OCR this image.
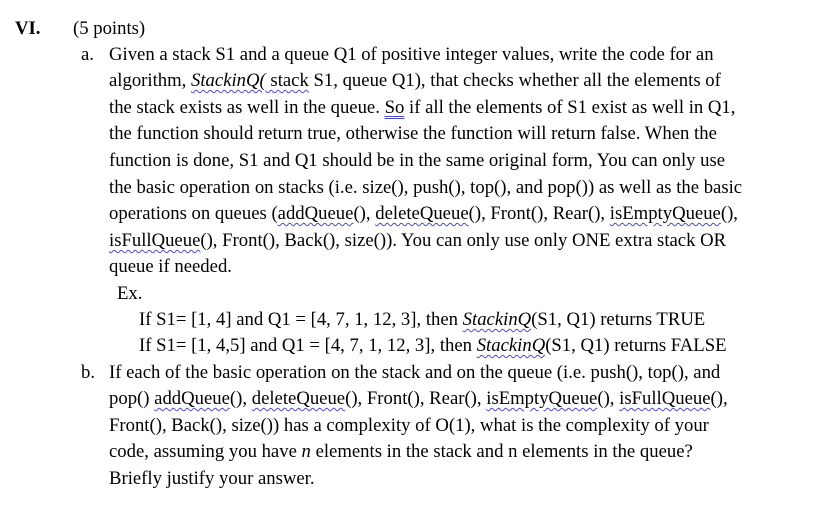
VI. (5 points)
a. Given a stack S1 and a queue Q1 of positive integer values, write the code for an
algorithm, StackinQ( stack S1, queue Q1), that checks whether all the elements of
the stack exists as well in the queue. So if all the elements of S1 exist as well in Q1,
the function should return true, otherwise the function will return false. When the
function is done, S1 and Q1 should be in the same original form, You can only use
the basic operation on stacks (i.e. size(), push(), top(), and pop()) as well as the basic
operations on queues (addQueue(), deleteQueue(), Front(), Rear(), isEmptyQueue(),
isFullQueue(), Front(), Back(), size()). You can only use only ONE extra stack OR
queue if needed.
Ex.
If S1= [1, 4] and Q1 = [4, 7, 1, 12, 3], then StackinQ(S1, Q1) returns TRUE
If S1= [1, 4,5] and Q1 = [4, 7, 1, 12, 3], then StackinQ(S1, Q1) returns FALSE
b. If each of the basic operation on the stack and on the queue (i.e. push(), top(), and
pop() addQueue(), deleteQueue(), Front(), Rear(), isEmptyQueue(), isFullQueue(),
Front(), Back(), size()) has a complexity of O(1), what is the complexity of your
code, assuming you have n elements in the stack and n elements in the queue?
Briefly justify your answer.
